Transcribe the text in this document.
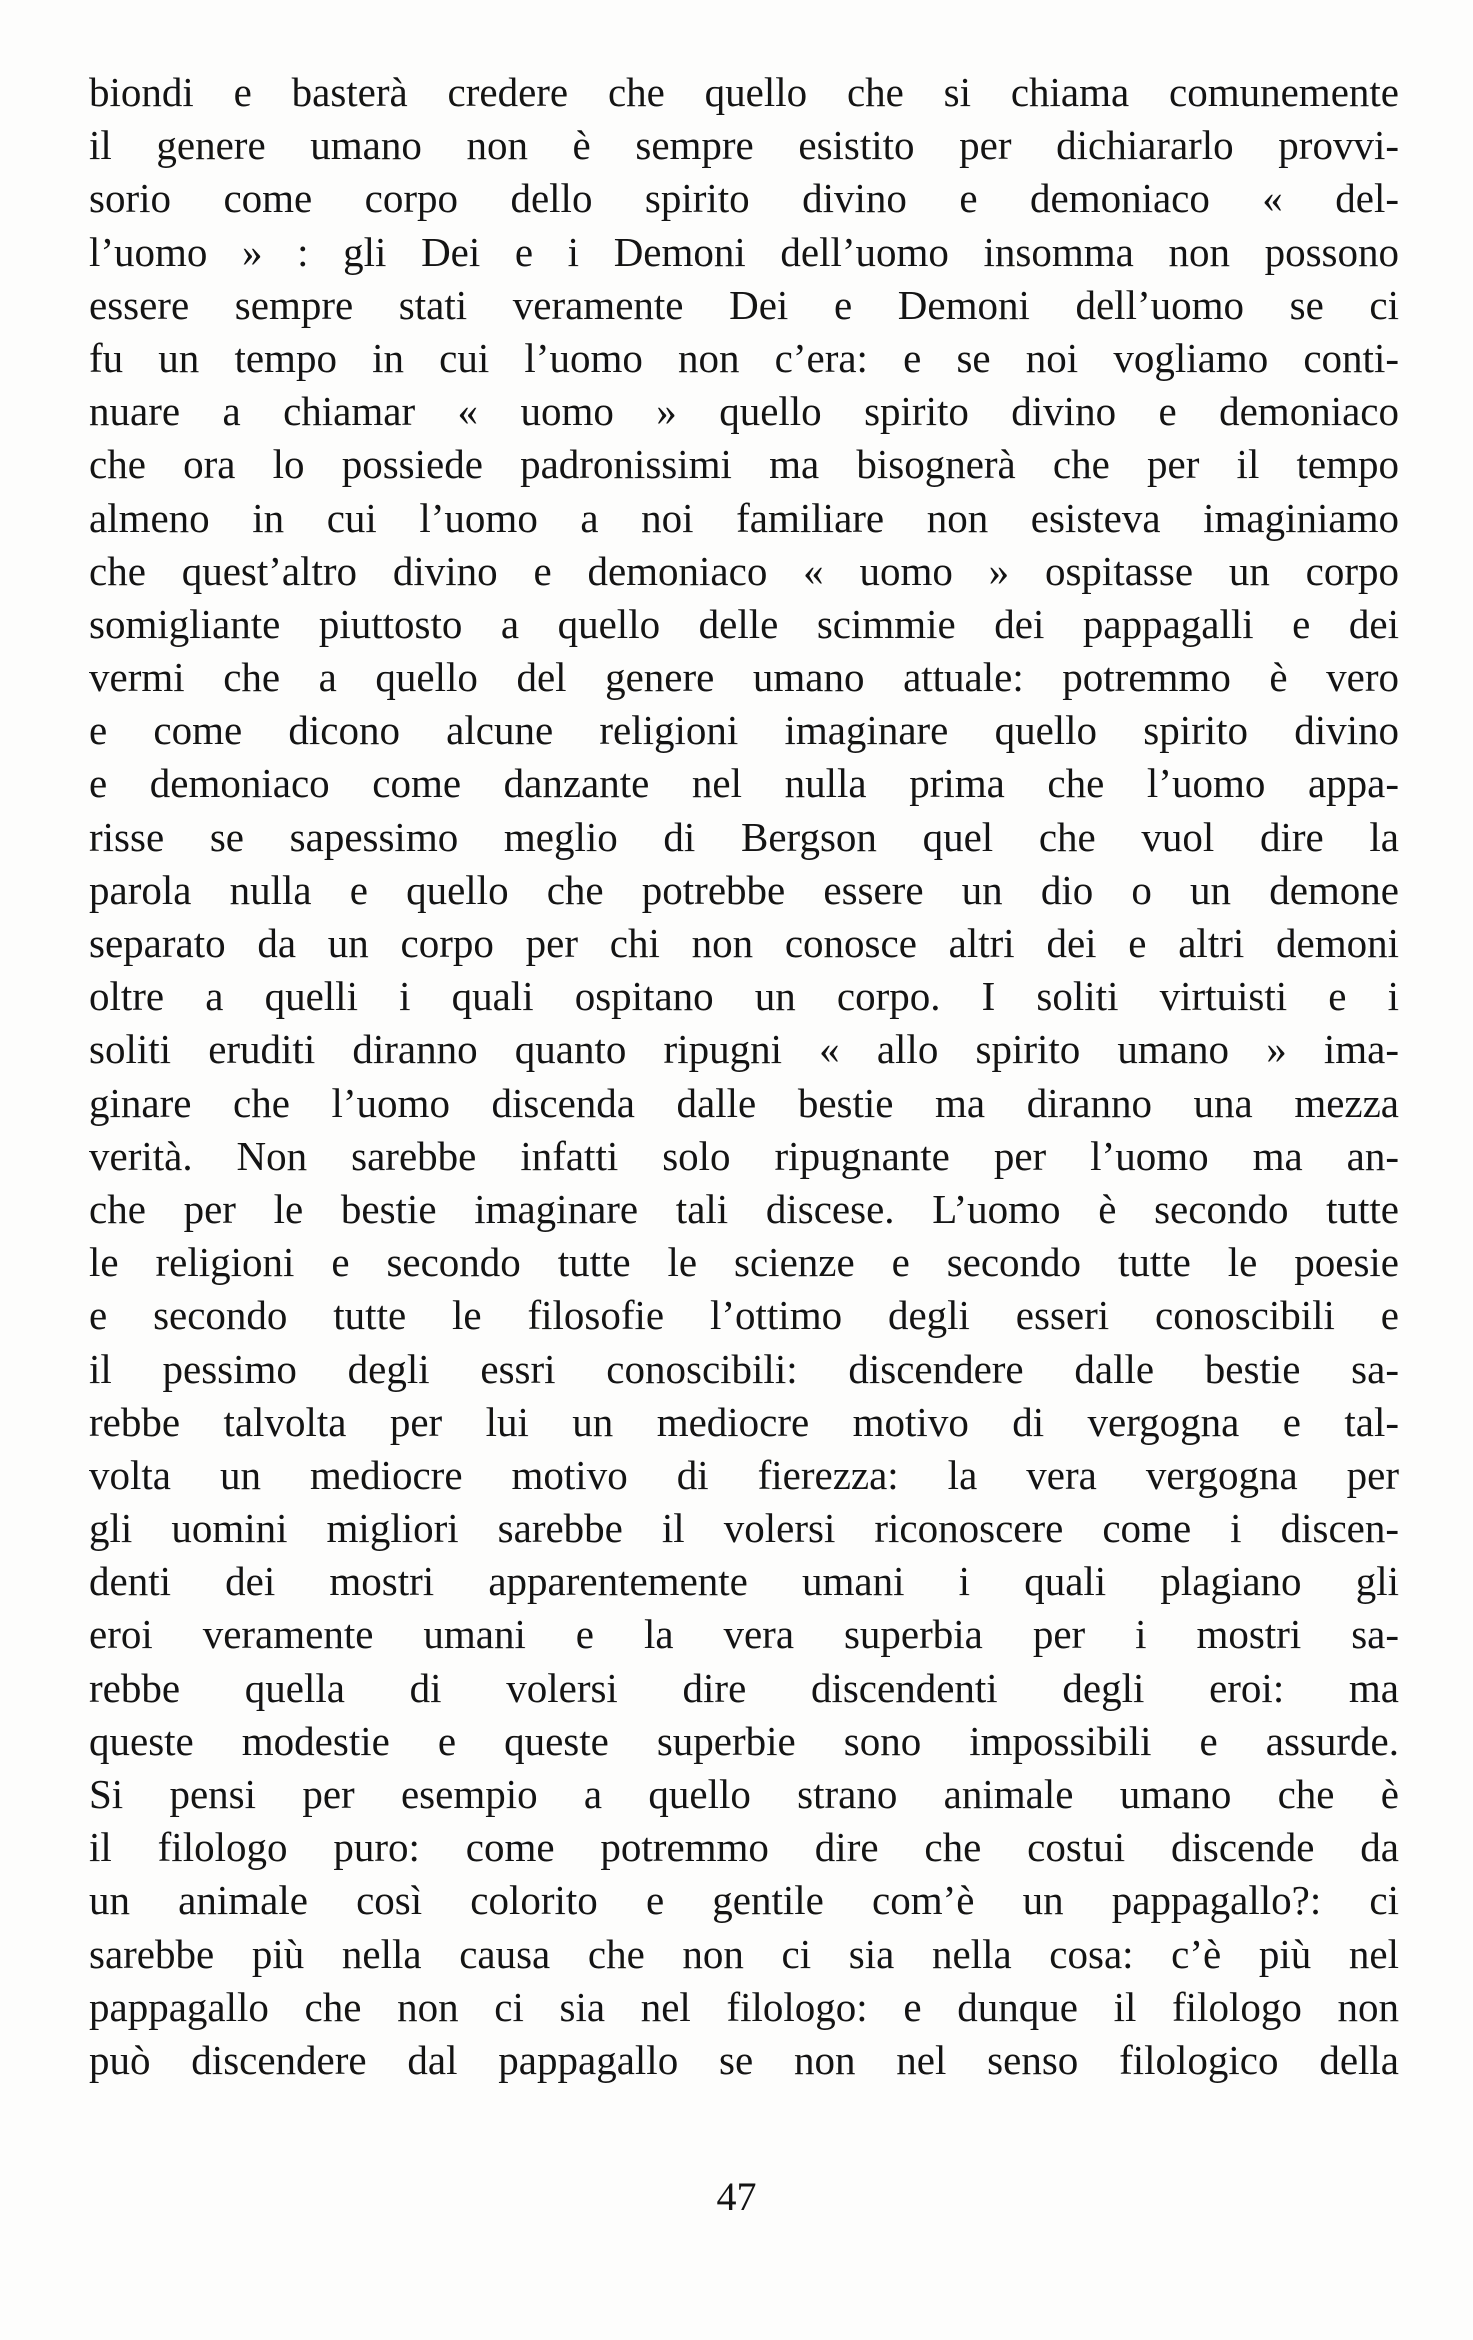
biondi e basterà credere che quello che si chiama comunemente
il genere umano non è sempre esistito per dichiararlo provvi-
sorio come corpo dello spirito divino e demoniaco « del-
l’uomo » : gli Dei e i Demoni dell’uomo insomma non possono
essere sempre stati veramente Dei e Demoni dell’uomo se ci
fu un tempo in cui l’uomo non c’era: e se noi vogliamo conti-
nuare a chiamar « uomo » quello spirito divino e demoniaco
che ora lo possiede padronissimi ma bisognerà che per il tempo
almeno in cui l’uomo a noi familiare non esisteva imaginiamo
che quest’altro divino e demoniaco « uomo » ospitasse un corpo
somigliante piuttosto a quello delle scimmie dei pappagalli e dei
vermi che a quello del genere umano attuale: potremmo è vero
e come dicono alcune religioni imaginare quello spirito divino
e demoniaco come danzante nel nulla prima che l’uomo appa-
risse se sapessimo meglio di Bergson quel che vuol dire la
parola nulla e quello che potrebbe essere un dio o un demone
separato da un corpo per chi non conosce altri dei e altri demoni
oltre a quelli i quali ospitano un corpo. I soliti virtuisti e i
soliti eruditi diranno quanto ripugni « allo spirito umano » ima-
ginare che l’uomo discenda dalle bestie ma diranno una mezza
verità. Non sarebbe infatti solo ripugnante per l’uomo ma an-
che per le bestie imaginare tali discese. L’uomo è secondo tutte
le religioni e secondo tutte le scienze e secondo tutte le poesie
e secondo tutte le filosofie l’ottimo degli esseri conoscibili e
il pessimo degli essri conoscibili: discendere dalle bestie sa-
rebbe talvolta per lui un mediocre motivo di vergogna e tal-
volta un mediocre motivo di fierezza: la vera vergogna per
gli uomini migliori sarebbe il volersi riconoscere come i discen-
denti dei mostri apparentemente umani i quali plagiano gli
eroi veramente umani e la vera superbia per i mostri sa-
rebbe quella di volersi dire discendenti degli eroi: ma
queste modestie e queste superbie sono impossibili e assurde.
Si pensi per esempio a quello strano animale umano che è
il filologo puro: come potremmo dire che costui discende da
un animale così colorito e gentile com’è un pappagallo?: ci
sarebbe più nella causa che non ci sia nella cosa: c’è più nel
pappagallo che non ci sia nel filologo: e dunque il filologo non
può discendere dal pappagallo se non nel senso filologico della
47
